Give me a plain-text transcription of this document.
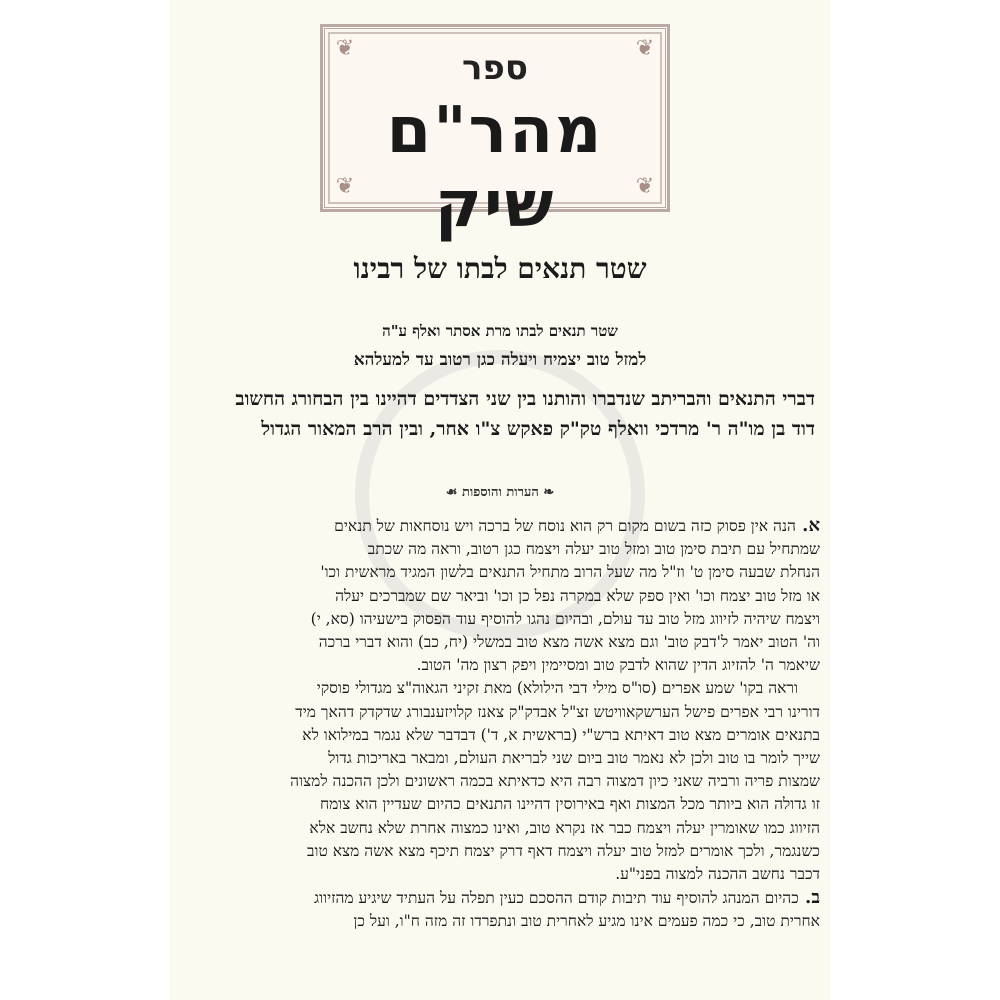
❦	❦
❦	❦
ספר
מהר"ם שיק
שטר תנאים לבתו של רבינו
שטר תנאים לבתו מרת אסתר ואלף ע"ה
למזל טוב יצמיח ויעלה כגן רטוב עד למעלהא
דברי התנאים והבריתב שנדברו והותנו בין שני הצדדים דהיינו בין הבחורג החשוב
דוד בן מו"ה ר' מרדכי וואלף טק"ק פאקש צ"ו אחר, ובין הרב המאור הגדול
❧ הערות והוספות ☙
א. הנה אין פסוק כזה בשום מקום רק הוא נוסח של ברכה ויש נוסחאות של תנאים
שמתחיל עם תיבת סימן טוב ומזל טוב יעלה ויצמח כגן רטוב, וראה מה שכתב
הנחלת שבעה סימן ט' וז"ל מה שעל הרוב מתחיל התנאים בלשון המגיד מראשית וכו'
או מזל טוב יצמח וכו' ואין ספק שלא במקרה נפל כן וכו' וביאר שם שמברכים יעלה
ויצמח שיהיה לזיווג מזל טוב עד עולם, ובהיום נהגו להוסיף עוד הפסוק בישעיהו (סא, י)
וה' הטוב יאמר ל'דבק טוב' וגם מצא אשה מצא טוב במשלי (יח, כב) והוא דברי ברכה
שיאמר ה' להזיוג הדין שהוא לדבק טוב ומסיימין ויפק רצון מה' הטוב.
וראה בקו' שמע אפרים (סו"ס מילי דבי הילולא) מאת זקיני הגאוה"צ מגדולי פוסקי
דורינו רבי אפרים פישל הערשקאוויטש זצ"ל אבדק"ק צאנז קלויזענבורג שדקדק דהאך מיד
בתנאים אומרים מצא טוב דאיתא ברש"י (בראשית א, ד') דבדבר שלא נגמר במילואו לא
שייך לומר בו טוב ולכן לא נאמר טוב ביום שני לבריאת העולם, ומבאר באריכות גדול
שמצות פריה ורביה שאני כיון דמצוה רבה היא כדאיתא בכמה ראשונים ולכן ההכנה למצוה
זו גדולה הוא ביותר מכל המצות ואף באירוסין דהיינו התנאים כהיום שעדיין הוא צומח
הזיווג כמו שאומרין יעלה ויצמח כבר אז נקרא טוב, ואינו כמצוה אחרת שלא נחשב אלא
כשנגמר, ולכך אומרים למזל טוב יעלה ויצמח דאף דרק יצמח תיכף מצא אשה מצא טוב
דכבר נחשב ההכנה למצוה בפני"ע.
ב. כהיום המנהג להוסיף עוד תיבות קודם ההסכם כעין תפלה על העתיד שיגיע מהזיווג
אחרית טוב, כי כמה פעמים אינו מגיע לאחרית טוב ונתפרדו זה מזה ח"ו, ועל כן
